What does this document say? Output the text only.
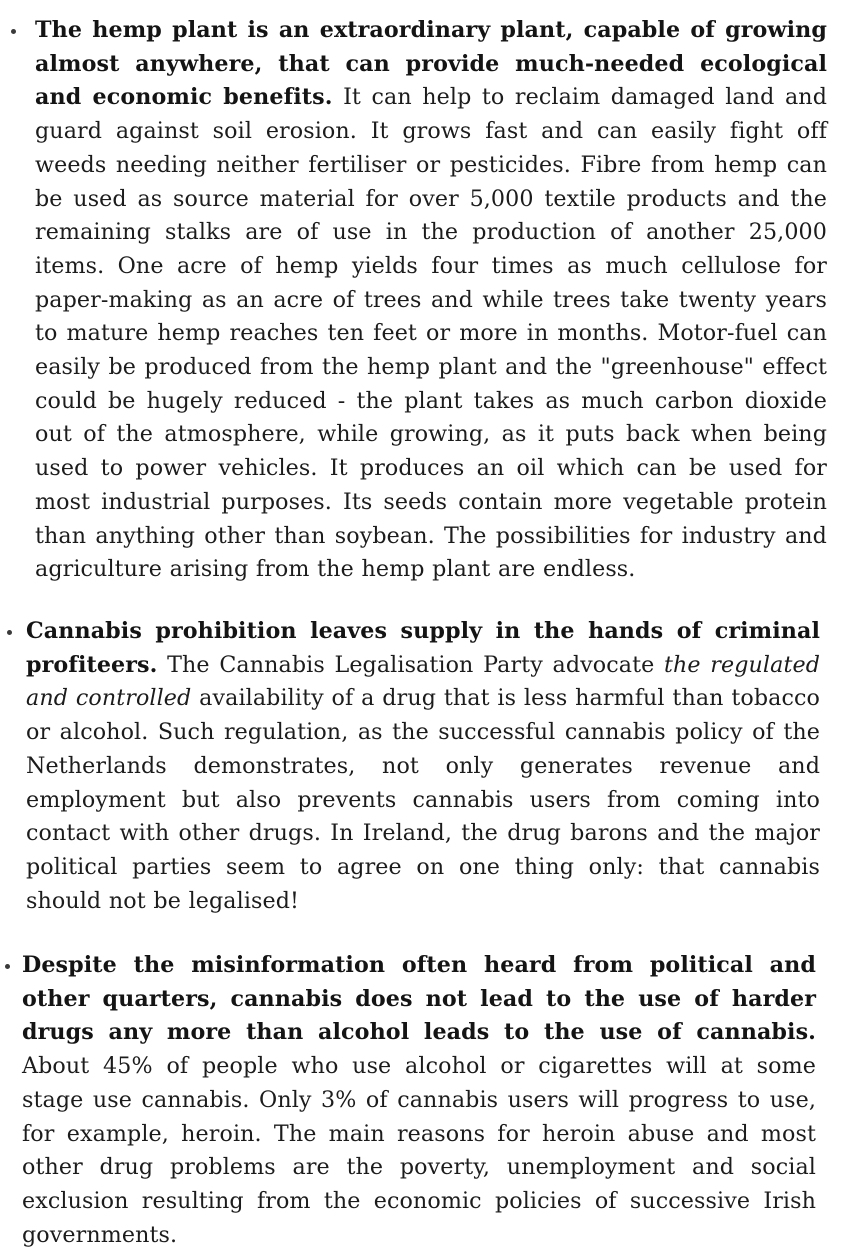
The hemp plant is an extraordinary plant, capable of growing almost anywhere, that can provide much-needed ecological and economic benefits. It can help to reclaim damaged land and guard against soil erosion. It grows fast and can easily fight off weeds needing neither fertiliser or pesticides. Fibre from hemp can be used as source material for over 5,000 textile products and the remaining stalks are of use in the production of another 25,000 items. One acre of hemp yields four times as much cellulose for paper-making as an acre of trees and while trees take twenty years to mature hemp reaches ten feet or more in months. Motor-fuel can easily be produced from the hemp plant and the "greenhouse" effect could be hugely reduced - the plant takes as much carbon dioxide out of the atmosphere, while growing, as it puts back when being used to power vehicles. It produces an oil which can be used for most industrial purposes. Its seeds contain more vegetable protein than anything other than soybean. The possibilities for industry and agriculture arising from the hemp plant are endless.

Cannabis prohibition leaves supply in the hands of criminal profiteers. The Cannabis Legalisation Party advocate the regulated and controlled availability of a drug that is less harmful than tobacco or alcohol. Such regulation, as the successful cannabis policy of the Netherlands demonstrates, not only generates revenue and employment but also prevents cannabis users from coming into contact with other drugs. In Ireland, the drug barons and the major political parties seem to agree on one thing only: that cannabis should not be legalised!

Despite the misinformation often heard from political and other quarters, cannabis does not lead to the use of harder drugs any more than alcohol leads to the use of cannabis. About 45% of people who use alcohol or cigarettes will at some stage use cannabis. Only 3% of cannabis users will progress to use, for example, heroin. The main reasons for heroin abuse and most other drug problems are the poverty, unemployment and social exclusion resulting from the economic policies of successive Irish governments.
